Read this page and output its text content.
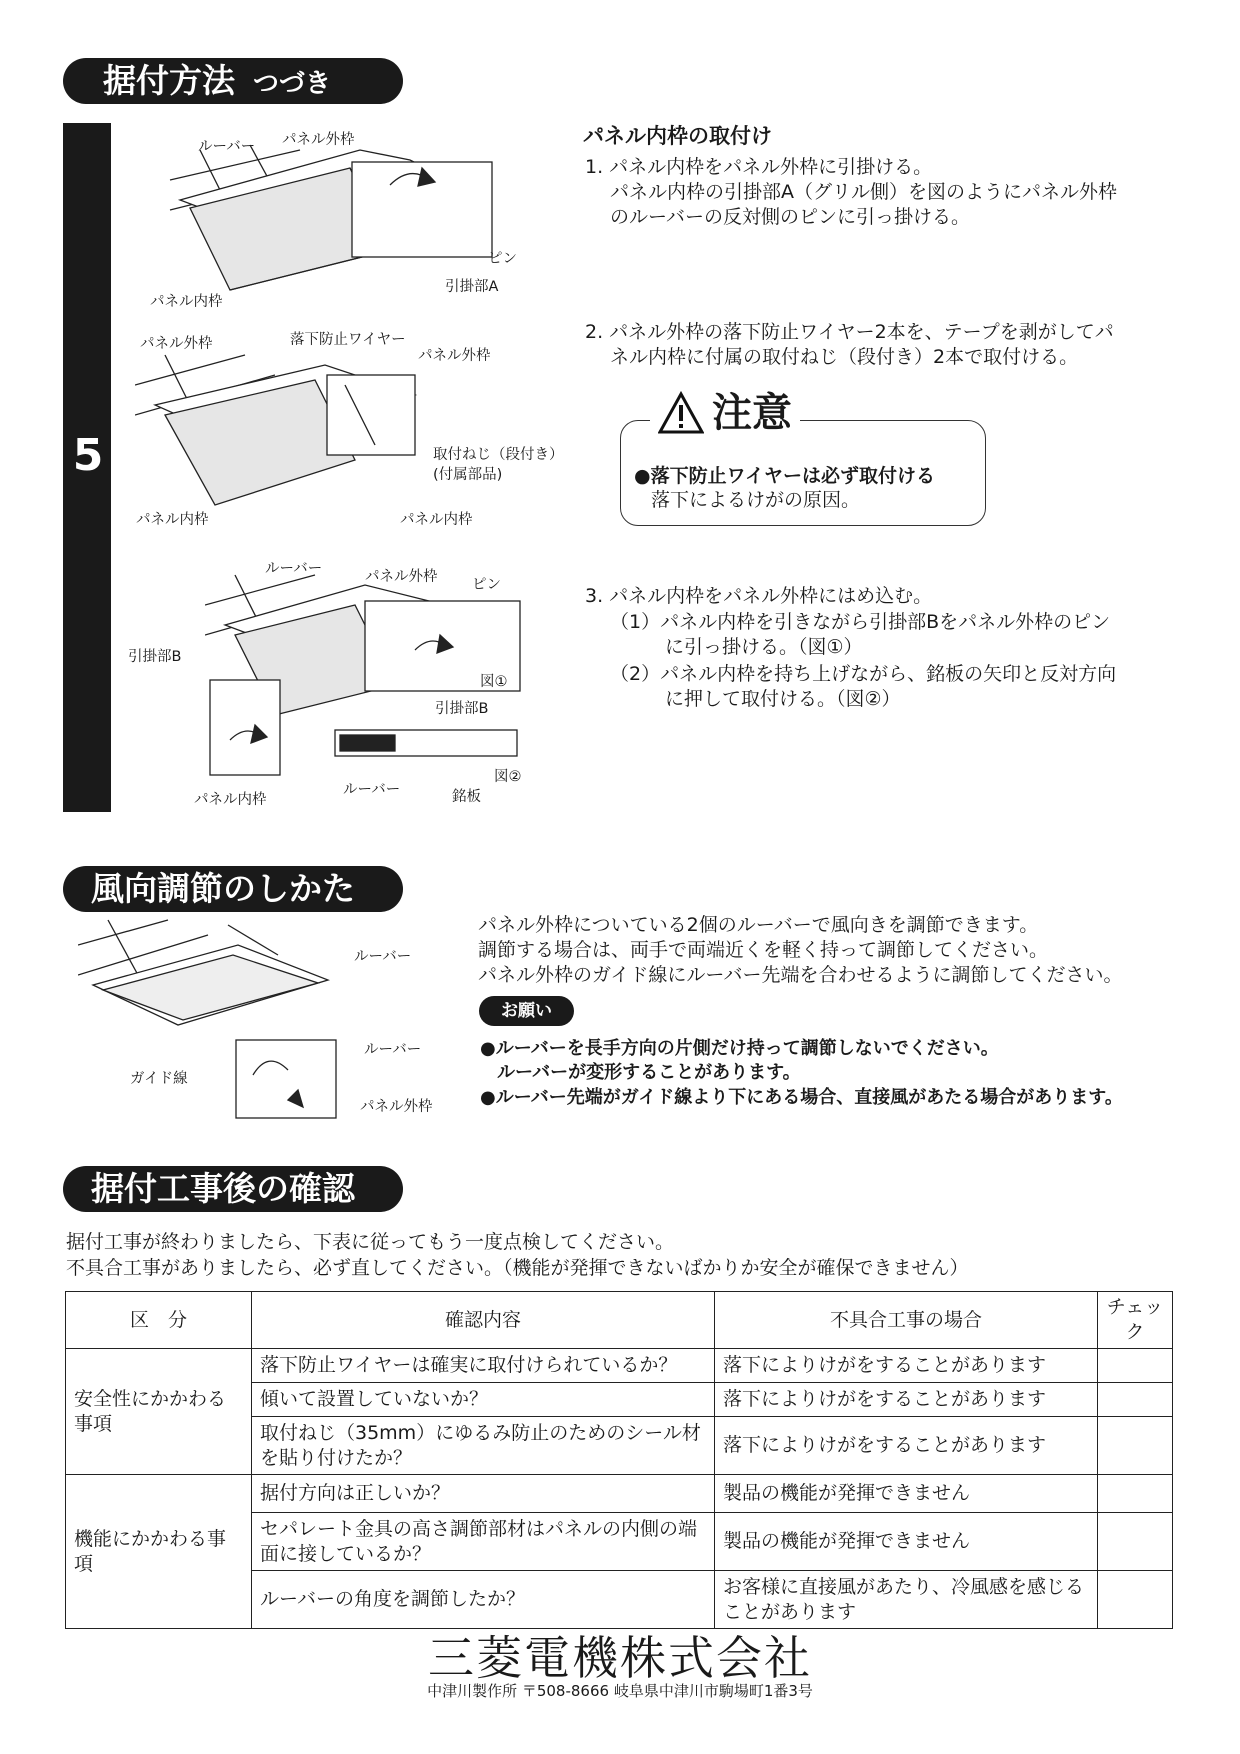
据付方法 つづき
5
ルーバー パネル外枠
ピン
引掛部A
パネル内枠
パネル外枠	落下防止ワイヤー
パネル外枠
取付ねじ（段付き）
(付属部品)
パネル内枠	パネル内枠
ルーバー	パネル外枠 ピン
引掛部B
図①
引掛部B
図②
パネル内枠
ルーバー	銘板
パネル内枠の取付け
1. パネル内枠をパネル外枠に引掛ける。
パネル内枠の引掛部A（グリル側）を図のようにパネル外枠
のルーバーの反対側のピンに引っ掛ける。
2. パネル外枠の落下防止ワイヤー2本を、テープを剥がしてパ
ネル内枠に付属の取付ねじ（段付き）2本で取付ける。
注意
●落下防止ワイヤーは必ず取付ける
落下によるけがの原因。
3. パネル内枠をパネル外枠にはめ込む。
（1）パネル内枠を引きながら引掛部Bをパネル外枠のピン
に引っ掛ける。（図①）
（2）パネル内枠を持ち上げながら、銘板の矢印と反対方向
に押して取付ける。（図②）
風向調節のしかた
ルーバー
ルーバー
ガイド線
パネル外枠
パネル外枠についている2個のルーバーで風向きを調節できます。
調節する場合は、両手で両端近くを軽く持って調節してください。
パネル外枠のガイド線にルーバー先端を合わせるように調節してください。
お願い
●ルーバーを長手方向の片側だけ持って調節しないでください。
ルーバーが変形することがあります。
●ルーバー先端がガイド線より下にある場合、直接風があたる場合があります。
据付工事後の確認
据付工事が終わりましたら、下表に従ってもう一度点検してください。
不具合工事がありましたら、必ず直してください。（機能が発揮できないばかりか安全が確保できません）
区　分	確認内容	不具合工事の場合	チェック
安全性にかかわる事項	落下防止ワイヤーは確実に取付けられているか？	落下によりけがをすることがあります	
	傾いて設置していないか？	落下によりけがをすることがあります	
	取付ねじ（35mm）にゆるみ防止のためのシール材を貼り付けたか？	落下によりけがをすることがあります	
機能にかかわる事項	据付方向は正しいか？	製品の機能が発揮できません	
	セパレート金具の高さ調節部材はパネルの内側の端面に接しているか？	製品の機能が発揮できません	
	ルーバーの角度を調節したか？	お客様に直接風があたり、冷風感を感じることがあります	
三菱電機株式会社
中津川製作所 〒508-8666 岐阜県中津川市駒場町1番3号
